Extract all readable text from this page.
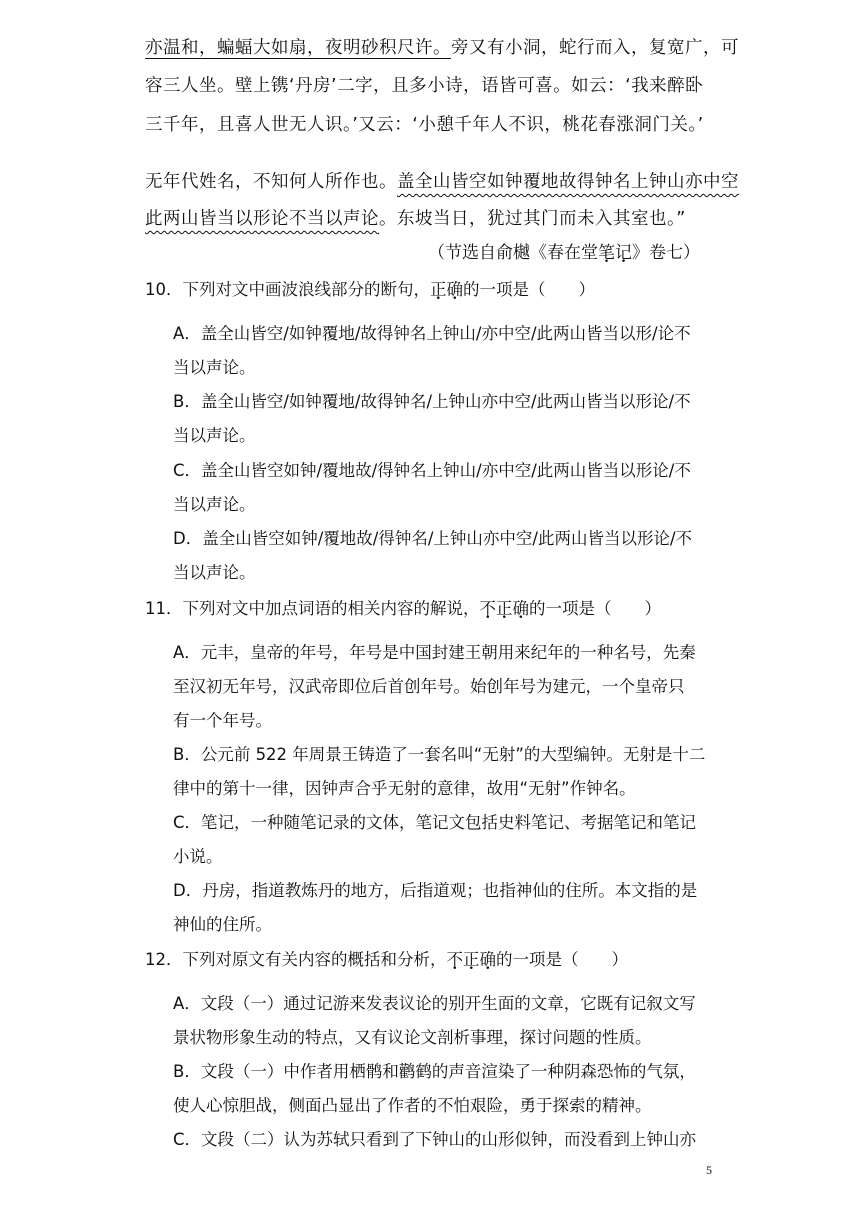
亦温和，蝙蝠大如扇，夜明砂积尺许。旁又有小洞，蛇行而入，复宽广，可
容三人坐。壁上镌‘丹房’二字，且多小诗，语皆可喜。如云：‘我来醉卧
三千年，且喜人世无人识。’又云：‘小憩千年人不识，桃花春涨洞门关。’
无年代姓名，不知何人所作也。盖全山皆空如钟覆地故得钟名上钟山亦中空
此两山皆当以形论不当以声论。东坡当日，犹过其门而未入其室也。”
（节选自俞樾《春在堂笔记》卷七）
10．下列对文中画波浪线部分的断句，正确的一项是（　　）
A．盖全山皆空/如钟覆地/故得钟名上钟山/亦中空/此两山皆当以形/论不
当以声论。
B．盖全山皆空/如钟覆地/故得钟名/上钟山亦中空/此两山皆当以形论/不
当以声论。
C．盖全山皆空如钟/覆地故/得钟名上钟山/亦中空/此两山皆当以形论/不
当以声论。
D．盖全山皆空如钟/覆地故/得钟名/上钟山亦中空/此两山皆当以形论/不
当以声论。
11．下列对文中加点词语的相关内容的解说，不正确的一项是（　　）
A．元丰，皇帝的年号，年号是中国封建王朝用来纪年的一种名号，先秦
至汉初无年号，汉武帝即位后首创年号。始创年号为建元，一个皇帝只
有一个年号。
B．公元前 522 年周景王铸造了一套名叫“无射”的大型编钟。无射是十二
律中的第十一律，因钟声合乎无射的意律，故用“无射”作钟名。
C．笔记，一种随笔记录的文体，笔记文包括史料笔记、考据笔记和笔记
小说。
D．丹房，指道教炼丹的地方，后指道观；也指神仙的住所。本文指的是
神仙的住所。
12．下列对原文有关内容的概括和分析，不正确的一项是（　　）
A．文段（一）通过记游来发表议论的别开生面的文章，它既有记叙文写
景状物形象生动的特点，又有议论文剖析事理，探讨问题的性质。
B．文段（一）中作者用栖鹘和鹳鹤的声音渲染了一种阴森恐怖的气氛，
使人心惊胆战，侧面凸显出了作者的不怕艰险，勇于探索的精神。
C．文段（二）认为苏轼只看到了下钟山的山形似钟，而没看到上钟山亦
5
